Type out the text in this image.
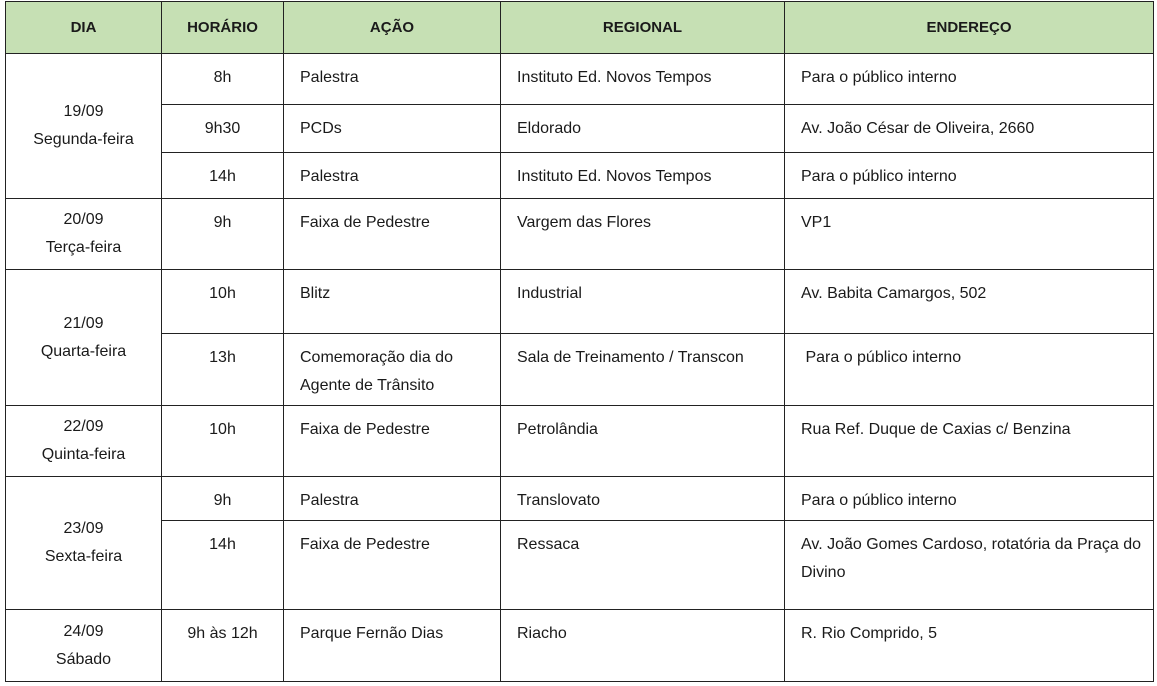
DIA	HORÁRIO	AÇÃO	REGIONAL	ENDEREÇO

19/09
Segunda-feira	8h	Palestra	Instituto Ed. Novos Tempos	Para o público interno
	9h30	PCDs	Eldorado	Av. João César de Oliveira, 2660
	14h	Palestra	Instituto Ed. Novos Tempos	Para o público interno

20/09
Terça-feira	9h	Faixa de Pedestre	Vargem das Flores	VP1

21/09
Quarta-feira	10h	Blitz	Industrial	Av. Babita Camargos, 502
	13h	Comemoração dia do Agente de Trânsito	Sala de Treinamento / Transcon	Para o público interno

22/09
Quinta-feira	10h	Faixa de Pedestre	Petrolândia	Rua Ref. Duque de Caxias c/ Benzina

23/09
Sexta-feira	9h	Palestra	Translovato	Para o público interno
	14h	Faixa de Pedestre	Ressaca	Av. João Gomes Cardoso, rotatória da Praça do Divino

24/09
Sábado	9h às 12h	Parque Fernão Dias	Riacho	R. Rio Comprido, 5
